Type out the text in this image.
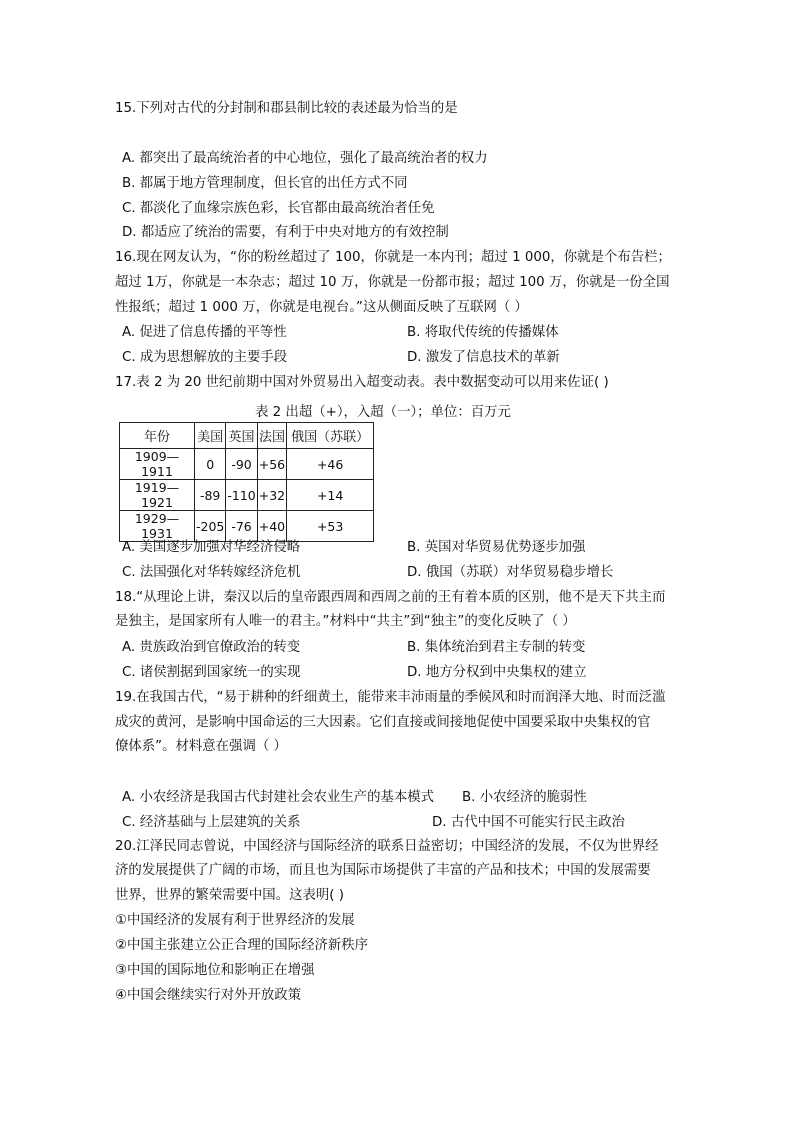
15.下列对古代的分封制和郡县制比较的表述最为恰当的是
A. 都突出了最高统治者的中心地位，强化了最高统治者的权力
B. 都属于地方管理制度，但长官的出任方式不同
C. 都淡化了血缘宗族色彩，长官都由最高统治者任免
D. 都适应了统治的需要，有利于中央对地方的有效控制
16.现在网友认为，“你的粉丝超过了 100，你就是一本内刊；超过 1 000，你就是个布告栏；
超过 1万，你就是一本杂志；超过 10 万，你就是一份都市报；超过 100 万，你就是一份全国
性报纸；超过 1 000 万，你就是电视台。”这从侧面反映了互联网（ ）
A. 促进了信息传播的平等性	B. 将取代传统的传播媒体
C. 成为思想解放的主要手段	D. 激发了信息技术的革新
17.表 2 为 20 世纪前期中国对外贸易出入超变动表。表中数据变动可以用来佐证( )
表 2 出超（+），入超（一）；单位：百万元
年份	美国	英国	法国	俄国（苏联）
1909—1911	0	-90	+56	+46
1919—1921	-89	-110	+32	+14
1929—1931	-205	-76	+40	+53
A. 美国逐步加强对华经济侵略	B. 英国对华贸易优势逐步加强
C. 法国强化对华转嫁经济危机	D. 俄国（苏联）对华贸易稳步增长
18.“从理论上讲，秦汉以后的皇帝跟西周和西周之前的王有着本质的区别，他不是天下共主而
是独主，是国家所有人唯一的君主。”材料中“共主”到“独主”的变化反映了（ ）
A. 贵族政治到官僚政治的转变	B. 集体统治到君主专制的转变
C. 诸侯割据到国家统一的实现	D. 地方分权到中央集权的建立
19.在我国古代，“易于耕种的纤细黄土，能带来丰沛雨量的季候风和时而润泽大地、时而泛滥
成灾的黄河，是影响中国命运的三大因素。它们直接或间接地促使中国要采取中央集权的官
僚体系”。材料意在强调（ ）
A. 小农经济是我国古代封建社会农业生产的基本模式 B. 小农经济的脆弱性
C. 经济基础与上层建筑的关系	D. 古代中国不可能实行民主政治
20.江泽民同志曾说，中国经济与国际经济的联系日益密切；中国经济的发展，不仅为世界经
济的发展提供了广阔的市场，而且也为国际市场提供了丰富的产品和技术；中国的发展需要
世界，世界的繁荣需要中国。这表明( )
①中国经济的发展有利于世界经济的发展
②中国主张建立公正合理的国际经济新秩序
③中国的国际地位和影响正在增强
④中国会继续实行对外开放政策
